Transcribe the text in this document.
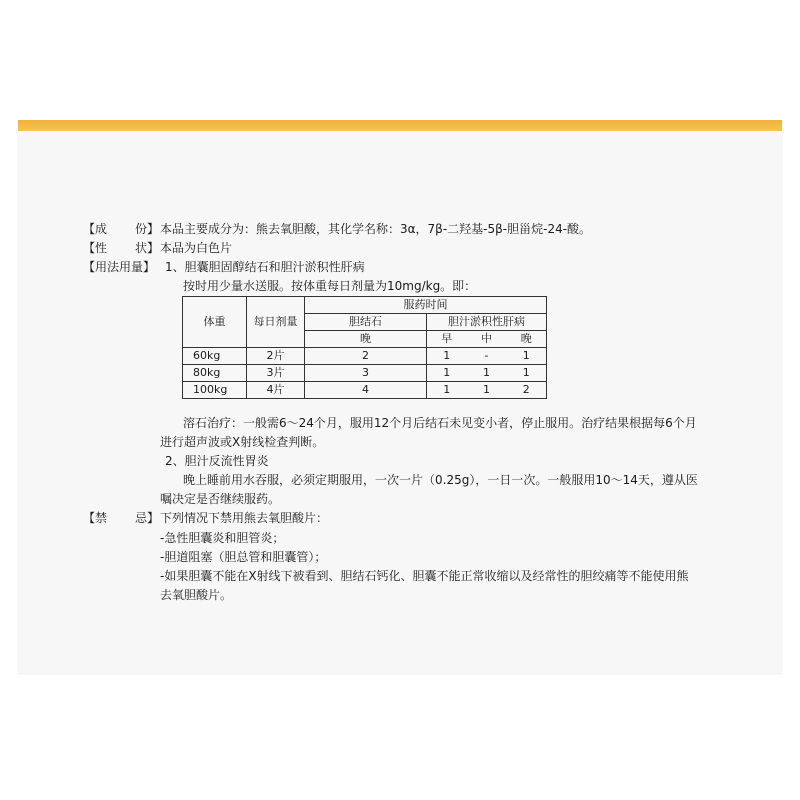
【成 份】 本品主要成分为：熊去氧胆酸，其化学名称：3α，7β-二羟基-5β-胆甾烷-24-酸。
【性 状】 本品为白色片
【用法用量】 1、胆囊胆固醇结石和胆汁淤积性肝病
按时用少量水送服。按体重每日剂量为10mg/kg。即：
体重	每日剂量	服药时间			
		胆结石	胆汁淤积性肝病		
		晚	早	中	晚
60kg	2片	2	1	-	1
80kg	3片	3	1	1	1
100kg	4片	4	1	1	2
溶石治疗：一般需6～24个月，服用12个月后结石未见变小者，停止服用。治疗结果根据每6个月
进行超声波或X射线检查判断。
2、胆汁反流性胃炎
晚上睡前用水吞服，必须定期服用，一次一片（0.25g），一日一次。一般服用10～14天，遵从医
嘱决定是否继续服药。
【禁 忌】 下列情况下禁用熊去氧胆酸片：
-急性胆囊炎和胆管炎；
-胆道阻塞（胆总管和胆囊管）；
-如果胆囊不能在X射线下被看到、胆结石钙化、胆囊不能正常收缩以及经常性的胆绞痛等不能使用熊
去氧胆酸片。
